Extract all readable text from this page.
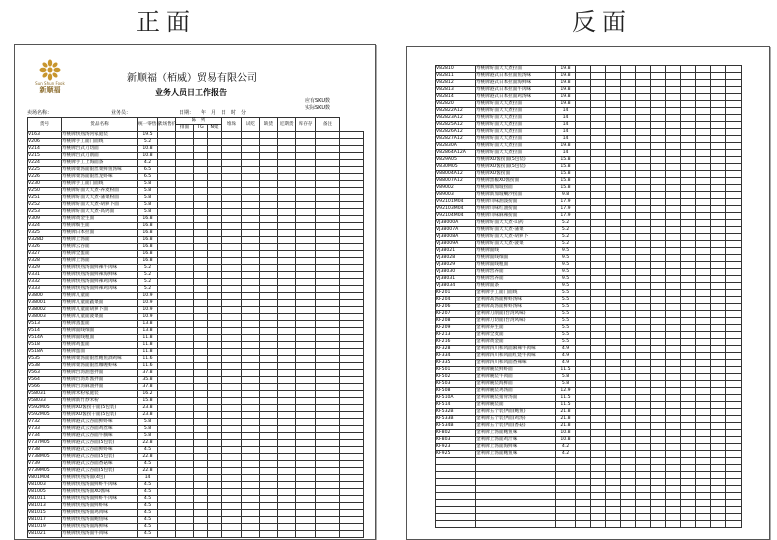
正面	反面
Sun Shun Fook
新顺福
新顺福（栢威）贸易有限公司
业务人员日工作报告
应有SKU数
实际SKU数
卖场名称：	业务员：	日期： 年　月　日　时　分
货号	货品名称	统一零售价	卖场售价	陈　列			堆垛	试吃	缺货	近期货	库存存	备注
				排面	TG	N架							
V163	寿桃牌快熟汤河家庭装	19.5											
V206	寿桃牌手工面门面线	5.2											
V214	寿桃牌台式刀切面	10.8											
V215	寿桃牌台式刀削面	10.8											
V224	寿桃牌手工上海面条	4.2											
V225	寿桃牌菜汤面银丝菜鲜鱼汤味	6.5											
V226	寿桃牌菜汤面银丝龙虾味	6.5											
V230	寿桃牌手工面门面线	5.8											
V250	寿桃牌好面天天煮-养麦粉面	5.8											
V251	寿桃牌好面天天煮-蒲菜粉面	5.8											
V252	寿桃牌好面天天煮-胡萝卜面	5.8											
V253	寿桃牌好面天天煮-高钙面	5.8											
V309	寿桃牌黄金生面	16.8											
V324	寿桃牌细生面	16.8											
V325	寿桃牌日本拉面	16.8											
V328D	寿桃牌上汤面	16.8											
V326	寿桃牌云吞面	16.8											
V327	寿桃牌全蛋面	16.8											
V328	寿桃牌上汤面	16.8											
V329	寿桃牌快熟汤面鲜辣牛肉味	5.2											
V331	寿桃牌快熟汤面鲜辣海鲜味	5.2											
V332	寿桃牌快熟汤面鲜辣鸡肉味	5.2											
V333	寿桃牌快熟汤面鲜辣鸡肉味	5.2											
V3800	寿桃牌儿童面	10.9											
V38001	寿桃牌儿童面蔬菜面	10.9											
V38002	寿桃牌儿童面胡萝卜面	10.9											
V38003	寿桃牌儿童面菠菜面	10.9											
V513	寿桃牌蒸蛋面	13.8											
V514	寿桃牌面线细面	13.8											
V514A	寿桃牌面线粗面	11.8											
V518	寿桃牌鸡蛋面	11.8											
V518A	寿桃牌蛋面	11.8											
V535	寿桃牌菜汤面银丝鲍鱼酒鸡味	11.6											
V538	寿桃牌菜汤面银丝咖喱虾味	11.6											
V563	寿桃牌台湾油葱拌面	37.8											
V564	寿桃牌台湾炸酱拌面	35.8											
V566	寿桃牌台湾麻油拌面	37.8											
V58031	寿桃牌米粉家庭装	16.2											
V58033	寿桃牌新竹炒米粉	15.8											
V592M05	寿桃牌XO酱捞干面(5包装)	23.8											
V592M05	寿桃牌XO酱捞干面(5包装)	23.8											
V732	寿桃牌港式云吞面鲜虾味	5.8											
V733	寿桃牌港式云吞面鸡丝味	5.8											
V734	寿桃牌港式云吞面牛腩味	5.8											
V737M05	寿桃牌港式云吞面(5包装)	22.8											
V738	寿桃牌港式云吞面鲜虾味	4.5											
V738M05	寿桃牌港式云吞面(5包装)	22.8											
V739	寿桃牌港式云吞面香菇味	4.5											
V739M05	寿桃牌港式云吞面(5包装)	22.8											
V801M04	寿桃牌快熟汤面(4包)	14											
V81003	寿桃牌快熟汤面鲜虾牛肉味	4.5											
V81005	寿桃牌快熟汤面XO酱味	4.5											
V81011	寿桃牌快熟汤面鲜虾牛肉味	4.5											
V81013	寿桃牌快熟汤面鲜虾味	4.5											
V81015	寿桃牌快熟汤面鸡肉味	4.5											
V81017	寿桃牌快熟汤面鲍鱼味	4.5											
V81019	寿桃牌快熟汤面海鲜味	4.5											
V81021	寿桃牌快熟汤面牛肉味	4.5											
V82810	寿桃牌好面天天煮拉面	19.8											
V82811	寿桃牌港式日本拉面鱼汤味	19.8											
V82812	寿桃牌港式日本拉面海鲜味	19.8											
V82813	寿桃牌港式日本拉面牛肉味	19.8											
V82814	寿桃牌港式日本拉面鸡汤味	19.8											
V82820	寿桃牌好面天天煮拉面	19.8											
V82822A12	寿桃牌好面天天煮拉面	14											
V82823A12	寿桃牌好面天天煮拉面	14											
V82825A12	寿桃牌好面天天煮拉面	14											
V82826A12	寿桃牌好面天天煮拉面	14											
V82827A12	寿桃牌好面天天煮拉面	14											
V82830A	寿桃牌好面天天煮拉面	19.8											
V82864A12A	寿桃牌好面天天煮拉面	14											
V829A05	寿桃牌XO酱捞面(5包装)	15.8											
V830M05	寿桃牌XO酱捞面(5包装)	15.8											
V88004A12	寿桃牌XO酱捞面	15.8											
V88007A12	寿桃牌黑椒XO酱捞面	15.8											
V89002	寿桃牌新加坡捞面	15.8											
V89003	寿桃牌新加坡喇沙捞面	9.8											
V92101M04	寿桃牌川味油泼捞面	17.9											
V92103M04	寿桃牌川味红油捞面	17.9											
V92104M04	寿桃牌川味麻辣捞面	17.9											
VJ38000A	寿桃牌好面天天煮-山药	5.2											
VJ38007A	寿桃牌好面天天煮-蒲菜	5.2											
VJ38008A	寿桃牌好面天天煮-胡萝卜	5.2											
VJ38009A	寿桃牌好面天天煮-菠菜	5.2											
VJ38021	寿桃牌面线	9.5											
VJ38028	寿桃牌面线细面	9.5											
VJ38029	寿桃牌面线粗面	9.5											
VJ38030	寿桃牌营养面	9.5											
VJ38031	寿桃牌营养面	9.5											
VJ38034	寿桃牌面条	9.5											
KF201	金利牌手工面门面线	5.5											
KF204	金利牌高汤面鲜虾汤味	5.5											
KF206	金利牌高汤面鲜虾汤味	5.5											
KF207	金利牌刀削面(台湾风味)	5.5											
KF208	金利牌刀切面(台湾风味)	5.5											
KF209	金利牌养生面	5.5											
KF213	金利牌全麦面	5.5											
KF216	金利牌黄金面	5.5											
KF328	金利牌四川和风面麻辣牛肉味	4.9											
KF334	金利牌四川和风面红烧牛肉味	4.9											
KF335	金利牌四川和风面香辣味	4.9											
KF501	金利牌碗装鲜虾面	11.5											
KF502	金利牌碗装牛肉面	5.8											
KF503	金利牌碗装海鲜面	5.8											
KF508	金利牌碗装鸡汤面	12.9											
KF510A	金利牌碗装猪骨汤面	11.5											
KF514	金利牌碗装面	11.5											
KF532B	金利牌五个装伊面(鲍鱼)	21.8											
KF533B	金利牌五个装伊面(鸡汤)	21.8											
KF534B	金利牌五个装伊面(香菇)	21.8											
KF802	金利牌上汤面鲍鱼味	10.8											
KF803	金利牌上汤面鸡汁味	10.8											
KF923	金利牌上汤面海鲜味	4.2											
KF925	金利牌上汤面鲍鱼味	4.2											
